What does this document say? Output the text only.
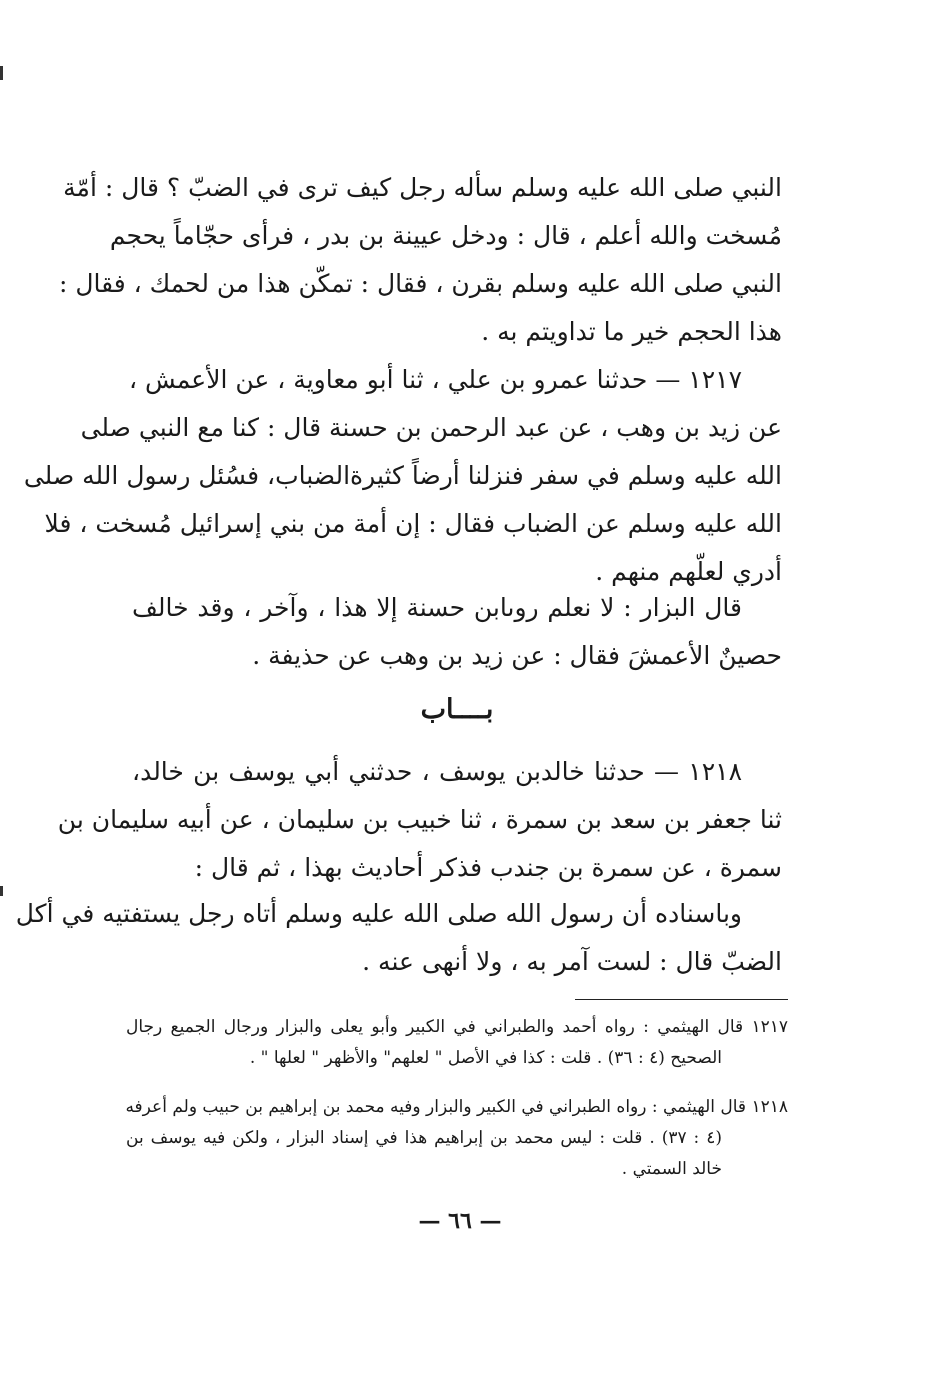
النبي صلى الله عليه وسلم سأله رجل كيف ترى في الضبّ ؟ قال : أمّة
مُسخت والله أعلم ، قال : ودخل عيينة بن بدر ، فرأى حجّاماً يحجم
النبي صلى الله عليه وسلم بقرن ، فقال : تمكّن هذا من لحمك ، فقال :
هذا الحجم خير ما تداويتم به .
١٢١٧ — حدثنا عمرو بن علي ، ثنا أبو معاوية ، عن الأعمش ،
عن زيد بن وهب ، عن عبد الرحمن بن حسنة قال : كنا مع النبي صلى
الله عليه وسلم في سفر فنزلنا أرضاً كثيرةالضباب، فسُئل رسول الله صلى
الله عليه وسلم عن الضباب فقال : إن أمة من بني إسرائيل مُسخت ، فلا
أدري لعلّهم منهم .
قال البزار : لا نعلم روىابن حسنة إلا هذا ، وآخر ، وقد خالف
حصينٌ الأعمشَ فقال : عن زيد بن وهب عن حذيفة .
بــــاب
١٢١٨ — حدثنا خالدبن يوسف ، حدثني أبي يوسف بن خالد،
ثنا جعفر بن سعد بن سمرة ، ثنا خبيب بن سليمان ، عن أبيه سليمان بن
سمرة ، عن سمرة بن جندب فذكر أحاديث بهذا ، ثم قال :
وباسناده أن رسول الله صلى الله عليه وسلم أتاه رجل يستفتيه في أكل
الضبّ قال : لست آمر به ، ولا أنهى عنه .
١٢١٧ قال الهيثمي : رواه أحمد والطبراني في الكبير وأبو يعلى والبزار ورجال الجميع رجال
الصحيح (٤ : ٣٦) . قلت : كذا في الأصل " لعلهم" والأظهر " لعلها " .
١٢١٨ قال الهيثمي : رواه الطبراني في الكبير والبزار وفيه محمد بن إبراهيم بن حبيب ولم أعرفه
(٤ : ٣٧) . قلت : ليس محمد بن إبراهيم هذا في إسناد البزار ، ولكن فيه يوسف بن
خالد السمتي .
— ٦٦ —
